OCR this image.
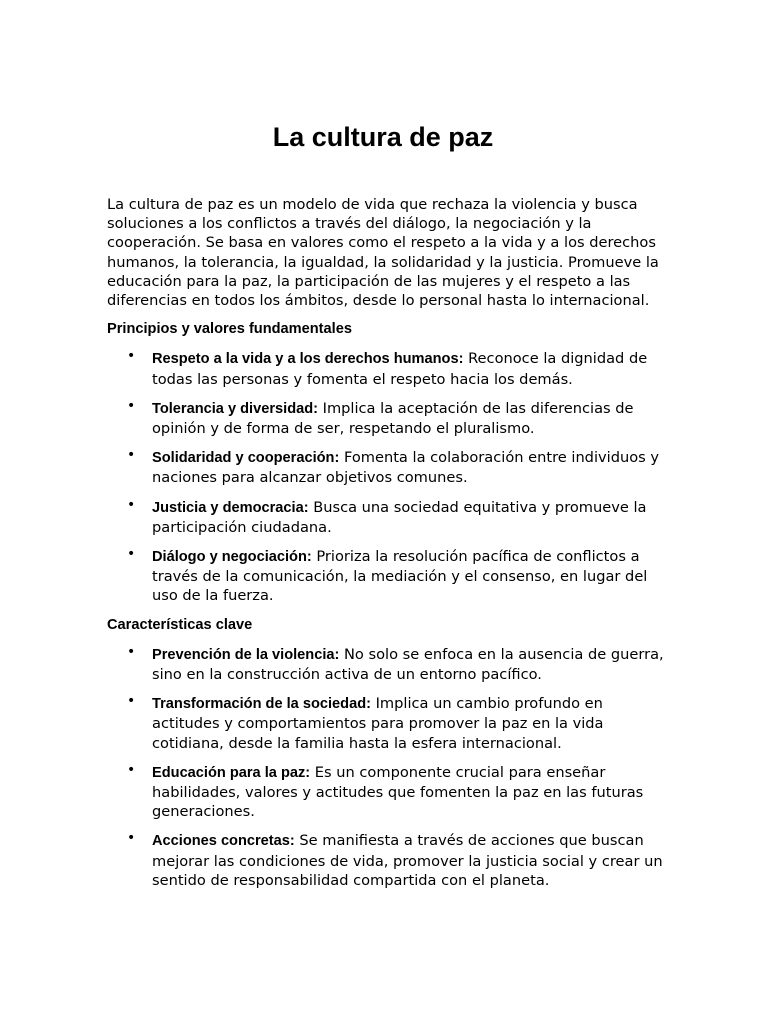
La cultura de paz

La cultura de paz es un modelo de vida que rechaza la violencia y busca soluciones a los conflictos a través del diálogo, la negociación y la cooperación. Se basa en valores como el respeto a la vida y a los derechos humanos, la tolerancia, la igualdad, la solidaridad y la justicia. Promueve la educación para la paz, la participación de las mujeres y el respeto a las diferencias en todos los ámbitos, desde lo personal hasta lo internacional.

Principios y valores fundamentales
• Respeto a la vida y a los derechos humanos: Reconoce la dignidad de todas las personas y fomenta el respeto hacia los demás.
• Tolerancia y diversidad: Implica la aceptación de las diferencias de opinión y de forma de ser, respetando el pluralismo.
• Solidaridad y cooperación: Fomenta la colaboración entre individuos y naciones para alcanzar objetivos comunes.
• Justicia y democracia: Busca una sociedad equitativa y promueve la participación ciudadana.
• Diálogo y negociación: Prioriza la resolución pacífica de conflictos a través de la comunicación, la mediación y el consenso, en lugar del uso de la fuerza.
Características clave
• Prevención de la violencia: No solo se enfoca en la ausencia de guerra, sino en la construcción activa de un entorno pacífico.
• Transformación de la sociedad: Implica un cambio profundo en actitudes y comportamientos para promover la paz en la vida cotidiana, desde la familia hasta la esfera internacional.
• Educación para la paz: Es un componente crucial para enseñar habilidades, valores y actitudes que fomenten la paz en las futuras generaciones.
• Acciones concretas: Se manifiesta a través de acciones que buscan mejorar las condiciones de vida, promover la justicia social y crear un sentido de responsabilidad compartida con el planeta.
